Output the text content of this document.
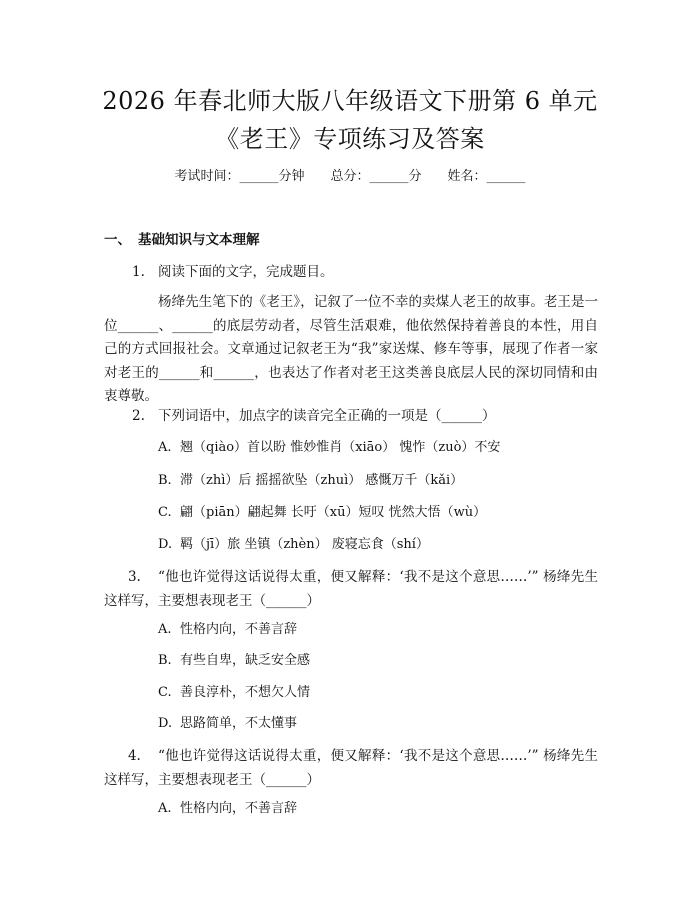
2026 年春北师大版八年级语文下册第 6 单元
《老王》专项练习及答案
考试时间：______分钟 总分：______分 姓名：______
一、 基础知识与文本理解
1. 阅读下面的文字，完成题目。
杨绛先生笔下的《老王》，记叙了一位不幸的卖煤人老王的故事。老王是一位______、______的底层劳动者，尽管生活艰难，他依然保持着善良的本性，用自己的方式回报社会。文章通过记叙老王为“我”家送煤、修车等事，展现了作者一家对老王的______和______，也表达了作者对老王这类善良底层人民的深切同情和由衷尊敬。
2. 下列词语中，加点字的读音完全正确的一项是（______）
A. 翘（qiào）首以盼 惟妙惟肖（xiāo） 愧怍（zuò）不安
B. 滞（zhì）后 摇摇欲坠（zhuì） 感慨万千（kǎi）
C. 翩（piān）翩起舞 长吁（xū）短叹 恍然大悟（wù）
D. 羁（jī）旅 坐镇（zhèn） 废寝忘食（shí）
3. “他也许觉得这话说得太重，便又解释：‘我不是这个意思……’” 杨绛先生这样写，主要想表现老王（______）
A. 性格内向，不善言辞
B. 有些自卑，缺乏安全感
C. 善良淳朴，不想欠人情
D. 思路简单，不太懂事
4. “他也许觉得这话说得太重，便又解释：‘我不是这个意思……’” 杨绛先生这样写，主要想表现老王（______）
A. 性格内向，不善言辞
